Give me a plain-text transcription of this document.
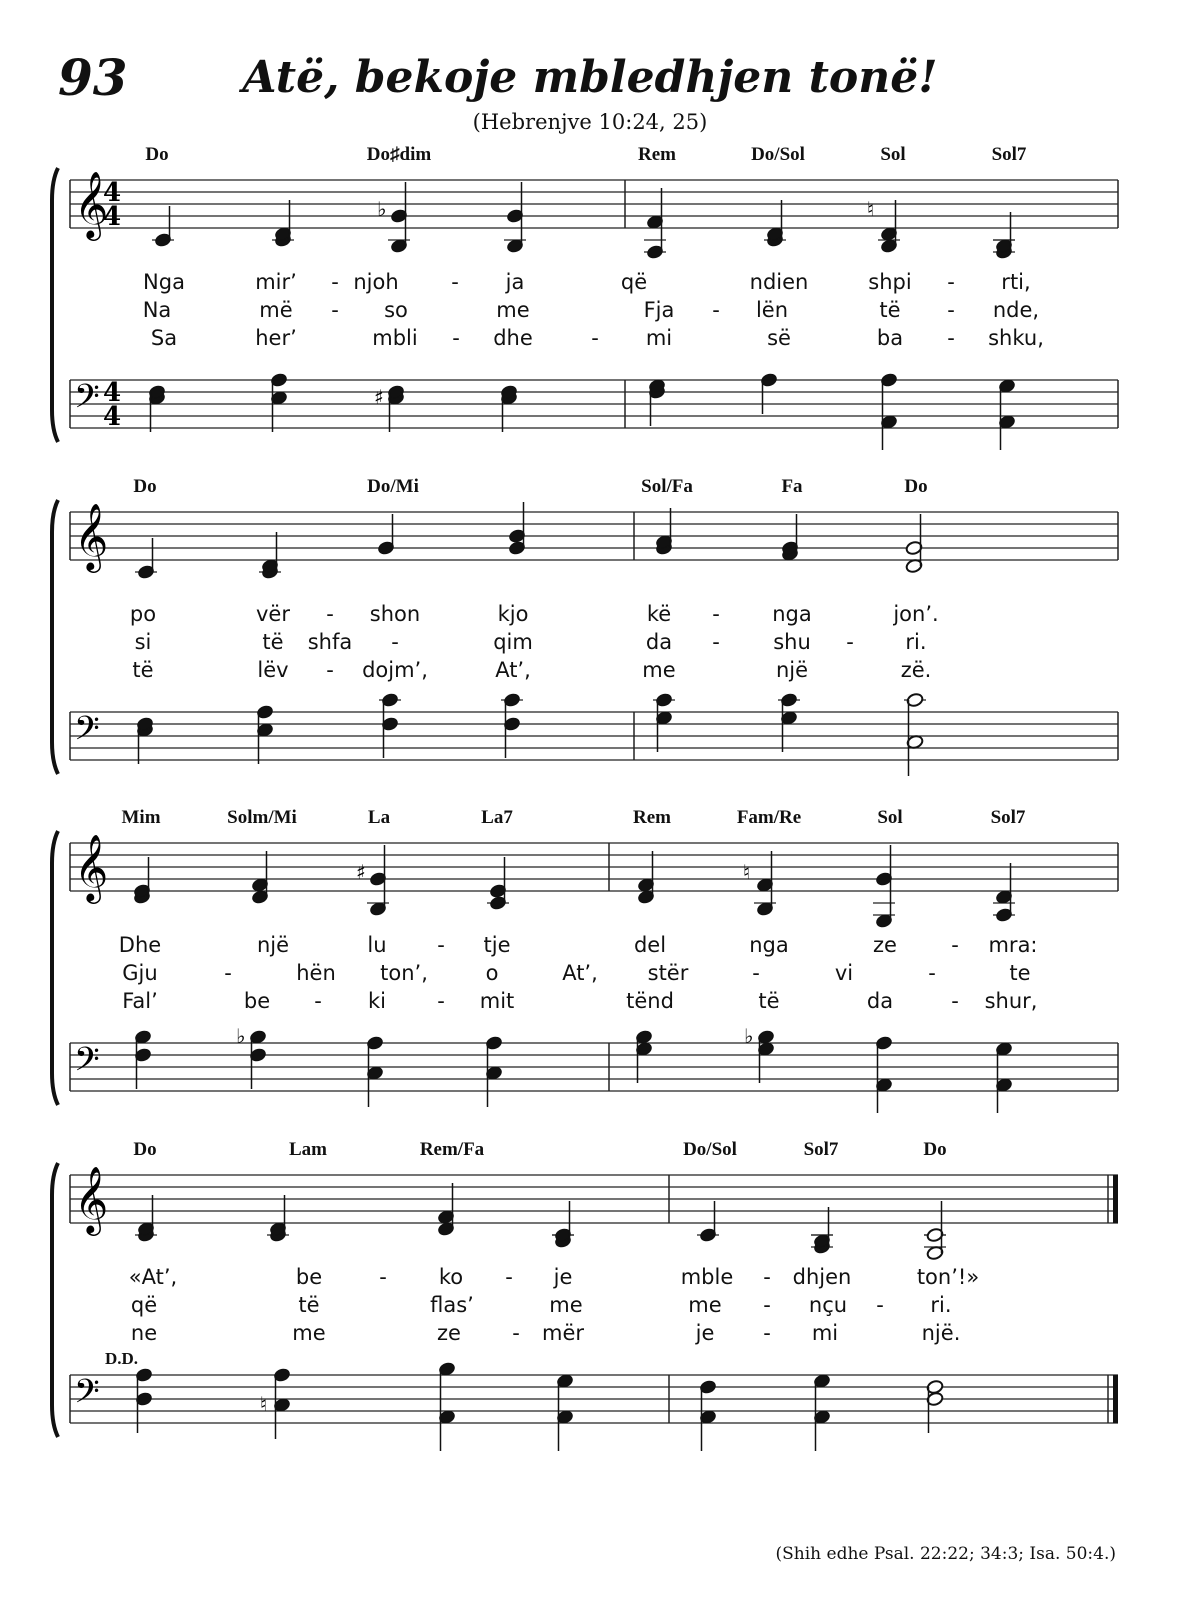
93	Atë, bekoje mbledhjen tonë!
(Hebrenjve 10:24, 25)
𝄞
4
4
𝄢 4
4
♭	♮
♯
Do	Do♯dim	Rem	Do/Sol	Sol	Sol7
Nga	mir’ - njoh	- ja	që	ndien	shpi - rti,
Na	më - so	me	Fja - lën	të - nde,
Sa	her’	mbli - dhe	- mi	së	ba - shku,
𝄞
𝄢
Do	Do/Mi	Sol/Fa	Fa	Do
po	vër - shon	kjo	kë - nga	jon’.
si	të shfa -	qim	da -	shu - ri.
të	lëv - dojm’,	At’,	me	një	zë.
𝄞
𝄢
♯	♮
♭	♭
Mim	Solm/Mi	La	La7	Rem	Fam/Re	Sol	Sol7
Dhe	një	lu - tje	del	nga	ze	- mra:
Gju	-	hën ton’,	o	At’, stër	-	vi	-	te
Fal’	be - ki - mit	tënd	të	da	- shur,
𝄞
𝄢	♮
Do	Lam	Rem/Fa	Do/Sol	Sol7	Do
«At’,	be	- ko - je	mble - dhjen	ton’!»
që	të	flas’	me	me - nçu - ri.
ne	me	ze - mër	je - mi	një.
D.D.
(Shih edhe Psal. 22:22; 34:3; Isa. 50:4.)
